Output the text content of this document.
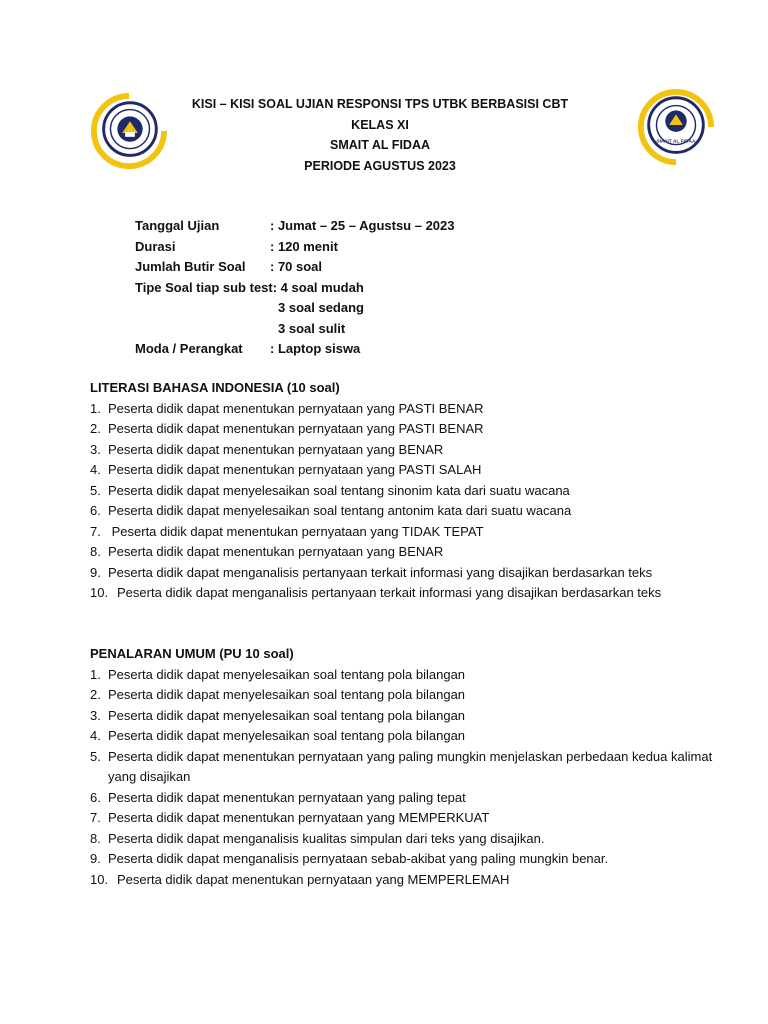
SMAIT AL FIDAA
KISI – KISI SOAL UJIAN RESPONSI TPS UTBK BERBASISI CBT
KELAS XI
SMAIT AL FIDAA
PERIODE AGUSTUS 2023
Tanggal Ujian	: Jumat – 25 – Agustsu – 2023
Durasi	: 120 menit
Jumlah Butir Soal	: 70 soal
Tipe Soal tiap sub test : 4 soal mudah
3 soal sedang
3 soal sulit
Moda / Perangkat	: Laptop siswa
LITERASI BAHASA INDONESIA (10 soal)
1. Peserta didik dapat menentukan pernyataan yang PASTI BENAR
2. Peserta didik dapat menentukan pernyataan yang PASTI BENAR
3. Peserta didik dapat menentukan pernyataan yang BENAR
4. Peserta didik dapat menentukan pernyataan yang PASTI SALAH
5. Peserta didik dapat menyelesaikan soal tentang sinonim kata dari suatu wacana
6. Peserta didik dapat menyelesaikan soal tentang antonim kata dari suatu wacana
7. Peserta didik dapat menentukan pernyataan yang TIDAK TEPAT
8. Peserta didik dapat menentukan pernyataan yang BENAR
9. Peserta didik dapat menganalisis pertanyaan terkait informasi yang disajikan berdasarkan teks
10. Peserta didik dapat menganalisis pertanyaan terkait informasi yang disajikan berdasarkan teks
PENALARAN UMUM (PU 10 soal)
1. Peserta didik dapat menyelesaikan soal tentang pola bilangan
2. Peserta didik dapat menyelesaikan soal tentang pola bilangan
3. Peserta didik dapat menyelesaikan soal tentang pola bilangan
4. Peserta didik dapat menyelesaikan soal tentang pola bilangan
5. Peserta didik dapat menentukan pernyataan yang paling mungkin menjelaskan perbedaan kedua kalimat yang disajikan
6. Peserta didik dapat menentukan pernyataan yang paling tepat
7. Peserta didik dapat menentukan pernyataan yang MEMPERKUAT
8. Peserta didik dapat menganalisis kualitas simpulan dari teks yang disajikan.
9. Peserta didik dapat menganalisis pernyataan sebab-akibat yang paling mungkin benar.
10. Peserta didik dapat menentukan pernyataan yang MEMPERLEMAH
